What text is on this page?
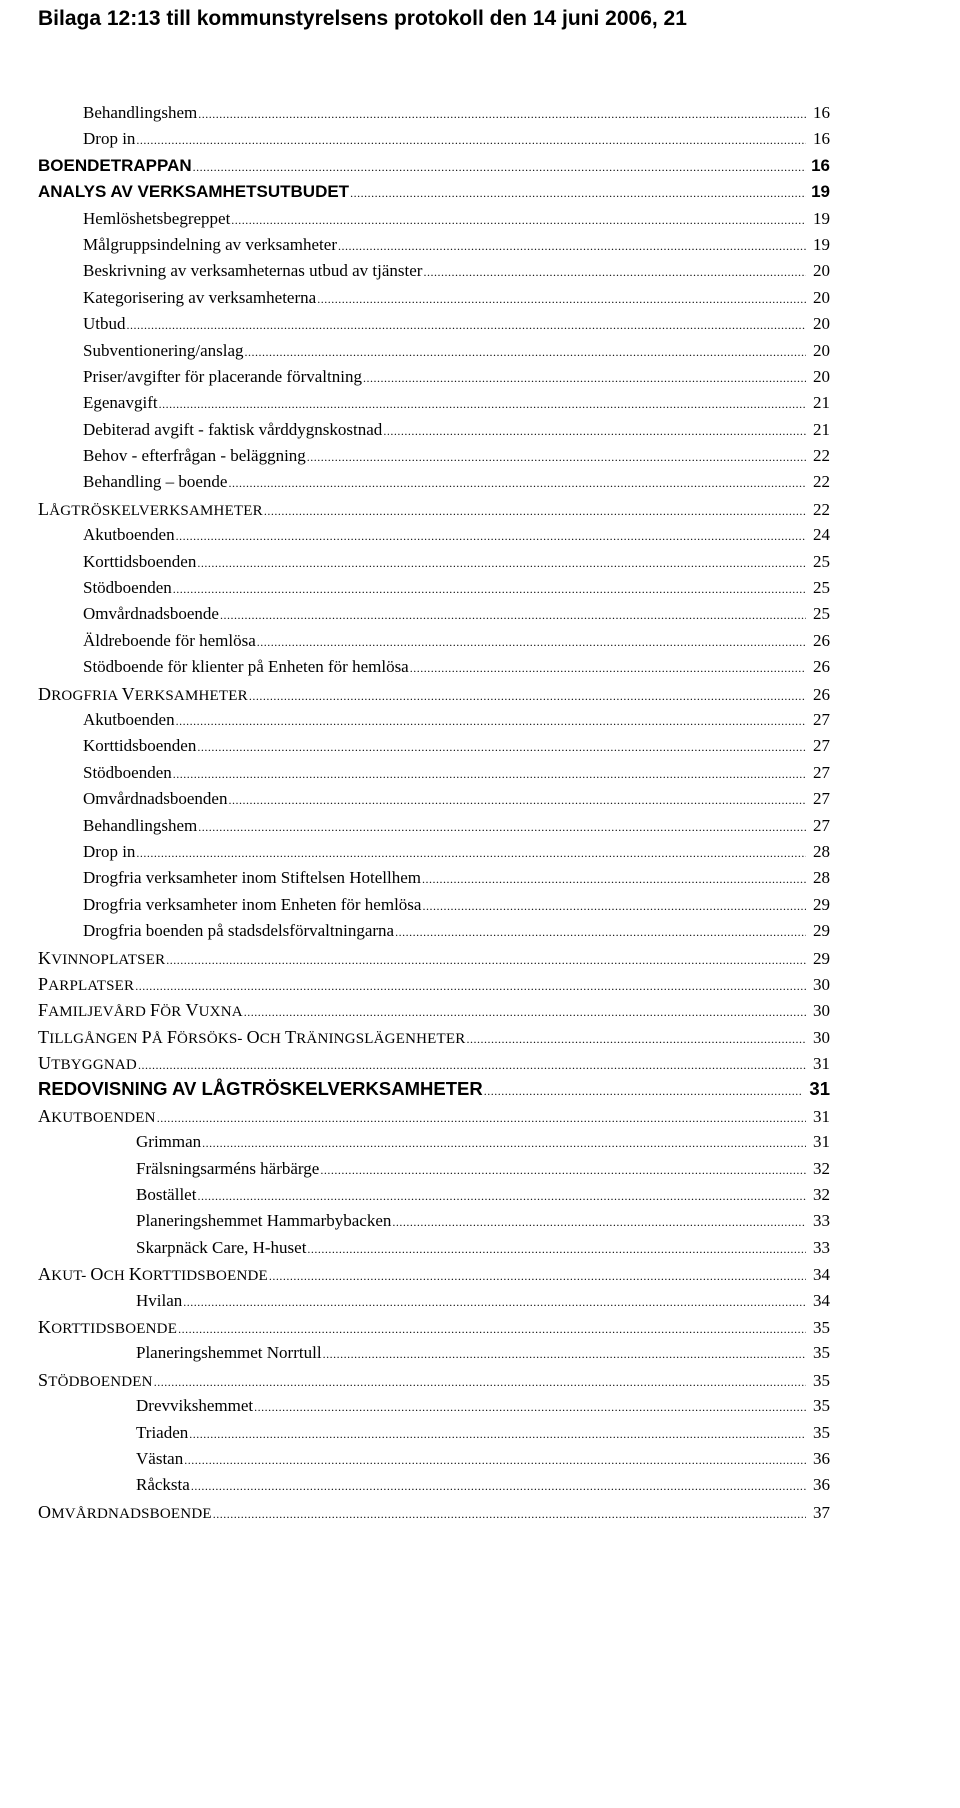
Bilaga 12:13 till kommunstyrelsens protokoll den 14 juni 2006, 21
Behandlingshem .....	16
Drop in .....	16
BOENDETRAPPAN .....	16
ANALYS AV VERKSAMHETSUTBUDET .....	19
Hemlöshetsbegreppet .....	19
Målgruppsindelning av verksamheter .....	19
Beskrivning av verksamheternas utbud av tjänster .....	20
Kategorisering av verksamheterna .....	20
Utbud .....	20
Subventionering/anslag .....	20
Priser/avgifter för placerande förvaltning .....	20
Egenavgift .....	21
Debiterad avgift - faktisk vårddygnskostnad .....	21
Behov - efterfrågan - beläggning .....	22
Behandling – boende .....	22
LÅGTRÖSKELVERKSAMHETER .....	22
Akutboenden .....	24
Korttidsboenden .....	25
Stödboenden .....	25
Omvårdnadsboende .....	25
Äldreboende för hemlösa .....	26
Stödboende för klienter på Enheten för hemlösa .....	26
DROGFRIA VERKSAMHETER .....	26
Akutboenden .....	27
Korttidsboenden .....	27
Stödboenden .....	27
Omvårdnadsboenden .....	27
Behandlingshem .....	27
Drop in .....	28
Drogfria verksamheter inom Stiftelsen Hotellhem .....	28
Drogfria verksamheter inom Enheten för hemlösa .....	29
Drogfria boenden på stadsdelsförvaltningarna .....	29
KVINNOPLATSER .....	29
PARPLATSER .....	30
FAMILJEVÅRD FÖR VUXNA .....	30
TILLGÅNGEN PÅ FÖRSÖKS- OCH TRÄNINGSLÄGENHETER .....	30
UTBYGGNAD .....	31
REDOVISNING AV LÅGTRÖSKELVERKSAMHETER .....	31
AKUTBOENDEN .....	31
Grimman .....	31
Frälsningsarméns härbärge .....	32
Bostället .....	32
Planeringshemmet Hammarbybacken .....	33
Skarpnäck Care, H-huset .....	33
AKUT- OCH KORTTIDSBOENDE .....	34
Hvilan .....	34
KORTTIDSBOENDE .....	35
Planeringshemmet Norrtull .....	35
STÖDBOENDEN .....	35
Drevvikshemmet .....	35
Triaden .....	35
Västan .....	36
Råcksta .....	36
OMVÅRDNADSBOENDE .....	37
